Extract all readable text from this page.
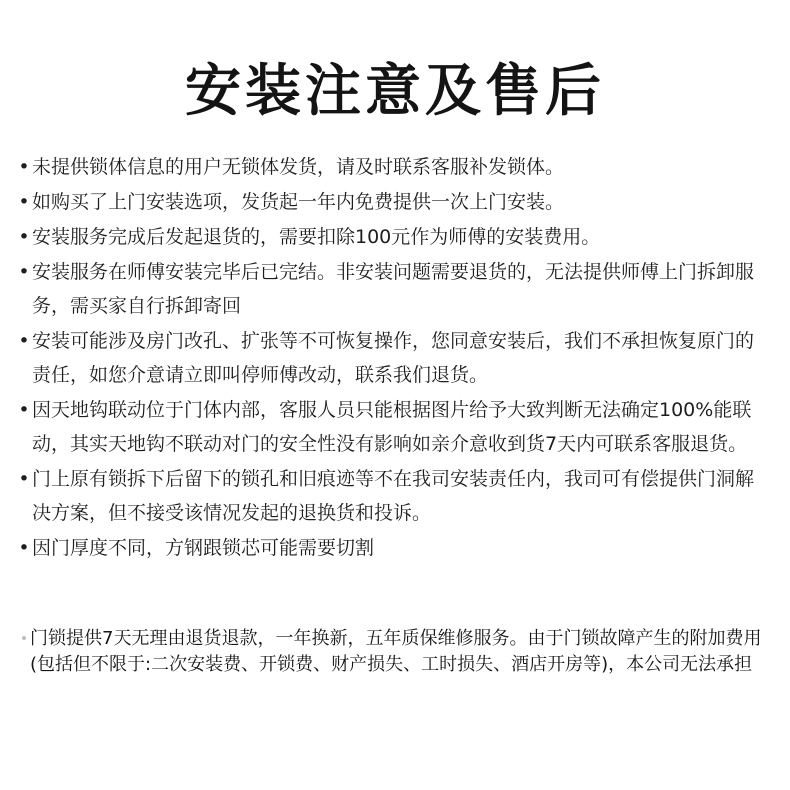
安装注意及售后
• 未提供锁体信息的用户无锁体发货，请及时联系客服补发锁体。
• 如购买了上门安装选项，发货起一年内免费提供一次上门安装。
• 安装服务完成后发起退货的，需要扣除100元作为师傅的安装费用。
• 安装服务在师傅安装完毕后已完结。非安装问题需要退货的，无法提供师傅上门拆卸服务，需买家自行拆卸寄回
• 安装可能涉及房门改孔、扩张等不可恢复操作，您同意安装后，我们不承担恢复原门的责任，如您介意请立即叫停师傅改动，联系我们退货。
• 因天地钩联动位于门体内部，客服人员只能根据图片给予大致判断无法确定100%能联动，其实天地钩不联动对门的安全性没有影响如亲介意收到货7天内可联系客服退货。
• 门上原有锁拆下后留下的锁孔和旧痕迹等不在我司安装责任内，我司可有偿提供门洞解决方案，但不接受该情况发起的退换货和投诉。
• 因门厚度不同，方钢跟锁芯可能需要切割
门锁提供7天无理由退货退款，一年换新，五年质保维修服务。由于门锁故障产生的附加费用(包括但不限于:二次安装费、开锁费、财产损失、工时损失、酒店开房等)，本公司无法承担
